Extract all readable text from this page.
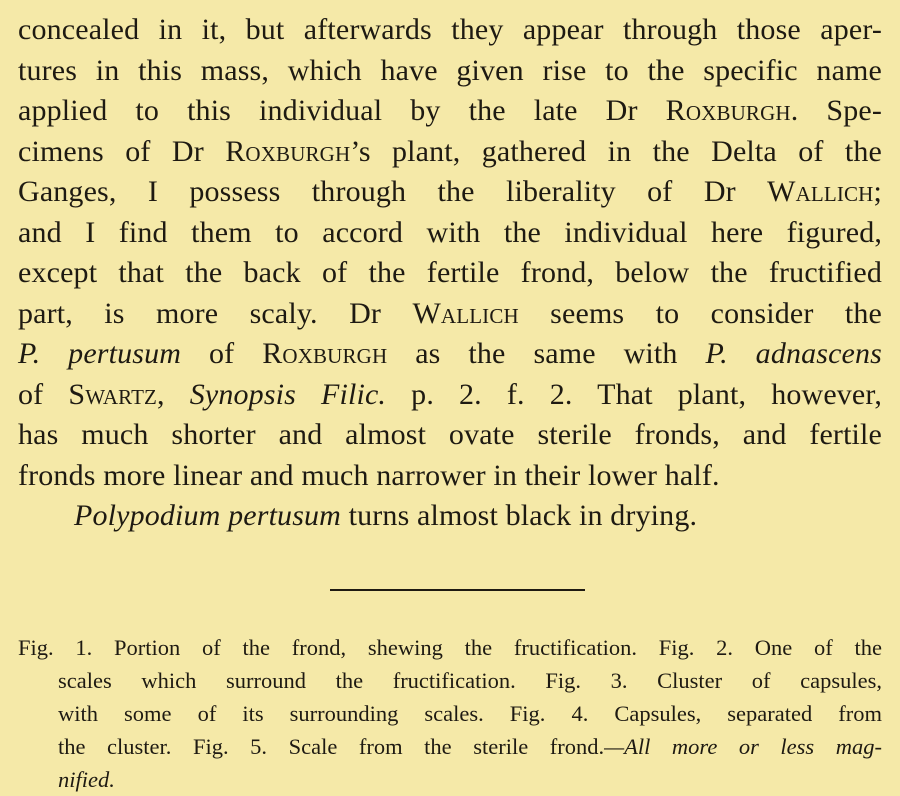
concealed in it, but afterwards they appear through those aper-
tures in this mass, which have given rise to the specific name
applied to this individual by the late Dr Roxburgh. Spe-
cimens of Dr Roxburgh’s plant, gathered in the Delta of the
Ganges, I possess through the liberality of Dr Wallich;
and I find them to accord with the individual here figured,
except that the back of the fertile frond, below the fructified
part, is more scaly. Dr Wallich seems to consider the
P. pertusum of Roxburgh as the same with P. adnascens
of Swartz, Synopsis Filic. p. 2. f. 2. That plant, however,
has much shorter and almost ovate sterile fronds, and fertile
fronds more linear and much narrower in their lower half.
Polypodium pertusum turns almost black in drying.
Fig. 1. Portion of the frond, shewing the fructification. Fig. 2. One of the
scales which surround the fructification. Fig. 3. Cluster of capsules,
with some of its surrounding scales. Fig. 4. Capsules, separated from
the cluster. Fig. 5. Scale from the sterile frond.—All more or less mag-
nified.
